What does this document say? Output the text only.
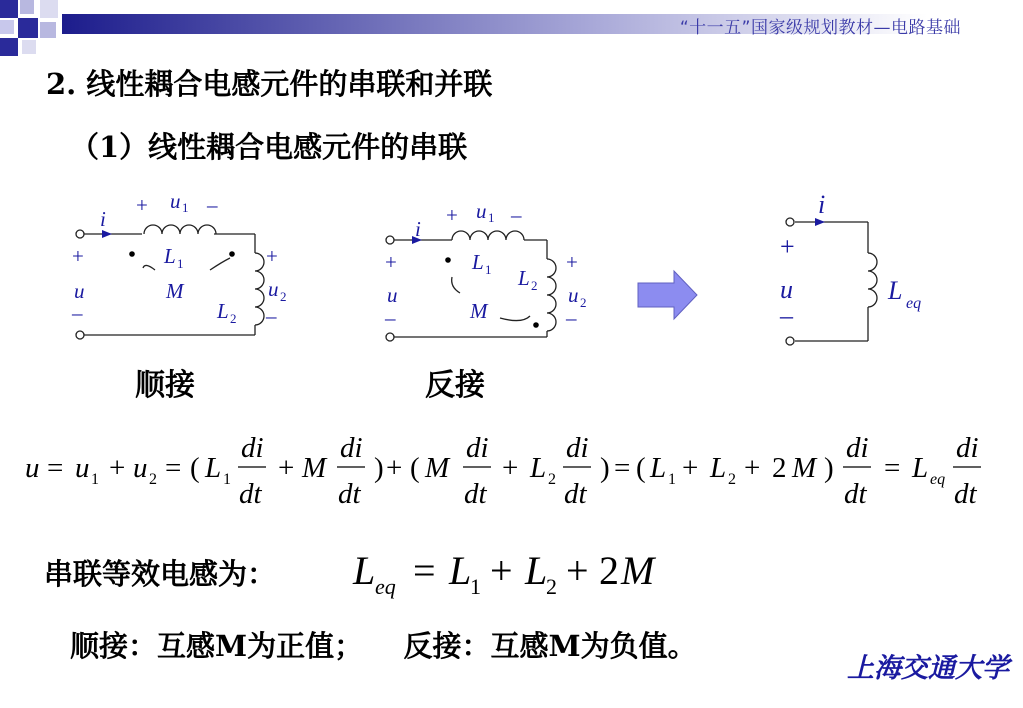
“十一五”国家级规划教材—电路基础
2. 线性耦合电感元件的串联和并联
（1）线性耦合电感元件的串联
i
+ u 1 –
+
u
–
L 1
M
L 2
+
u 2
–
i
+ u 1 –
+
u
–
L 1 L 2
M
+
u 2
–
i
+
u
–
L eq
顺接	反接
u u u L
di
dt
M
di
dt
M
di
dt
L
di
dt
L L M
di
dt
L
di
dt
1	2	1	2	1	2	eq
= + = (	+	) + (	+	) = ( + + 2 ) =
串联等效电感为： L eq = L
1 + L
2 + 2 M
顺接：互感M为正值；    反接：互感M为负值。
上海交通大学
